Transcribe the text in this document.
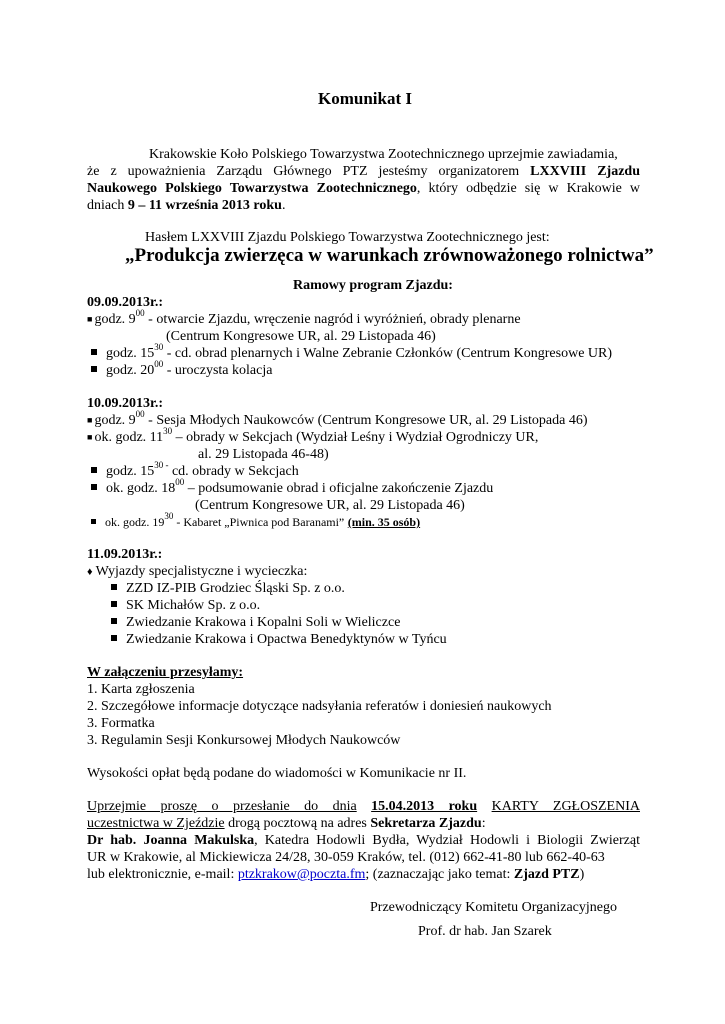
Komunikat I
Krakowskie Koło Polskiego Towarzystwa Zootechnicznego uprzejmie zawiadamia,
że z upoważnienia Zarządu Głównego PTZ jesteśmy organizatorem LXXVIII Zjazdu
Naukowego Polskiego Towarzystwa Zootechnicznego, który odbędzie się w Krakowie w
dniach 9 – 11 września 2013 roku.
Hasłem LXXVIII Zjazdu Polskiego Towarzystwa Zootechnicznego jest:
„Produkcja zwierzęca w warunkach zrównoważonego rolnictwa”
Ramowy program Zjazdu:
09.09.2013r.:
■ godz. $9^{00}$ - otwarcie Zjazdu, wręczenie nagród i wyróżnień, obrady plenarne
(Centrum Kongresowe UR, al. 29 Listopada 46)
godz. $15^{30}$ - cd. obrad plenarnych i Walne Zebranie Członków (Centrum Kongresowe UR)
godz. $20^{00}$ - uroczysta kolacja
10.09.2013r.:
■ godz. $9^{00}$ - Sesja Młodych Naukowców (Centrum Kongresowe UR, al. 29 Listopada 46)
■ ok. godz. $11^{30}$ – obrady w Sekcjach (Wydział Leśny i Wydział Ogrodniczy UR,
al. 29 Listopada 46-48)
godz. $15^{30 -}$ cd. obrady w Sekcjach
ok. godz. $18^{00}$ – podsumowanie obrad i oficjalne zakończenie Zjazdu
(Centrum Kongresowe UR, al. 29 Listopada 46)
ok. godz. $19^{30}$ - Kabaret „Piwnica pod Baranami” (min. 35 osób)
11.09.2013r.:
♦ Wyjazdy specjalistyczne i wycieczka:
ZZD IZ-PIB Grodziec Śląski Sp. z o.o.
SK Michałów Sp. z o.o.
Zwiedzanie Krakowa i Kopalni Soli w Wieliczce
Zwiedzanie Krakowa i Opactwa Benedyktynów w Tyńcu
W załączeniu przesyłamy:
1. Karta zgłoszenia
2. Szczegółowe informacje dotyczące nadsyłania referatów i doniesień naukowych
3. Formatka
3. Regulamin Sesji Konkursowej Młodych Naukowców
Wysokości opłat będą podane do wiadomości w Komunikacie nr II.
Uprzejmie proszę o przesłanie do dnia 15.04.2013 roku KARTY ZGŁOSZENIA
uczestnictwa w Zjeździe drogą pocztową na adres Sekretarza Zjazdu:
Dr hab. Joanna Makulska, Katedra Hodowli Bydła, Wydział Hodowli i Biologii Zwierząt
UR w Krakowie, al Mickiewicza 24/28, 30-059 Kraków, tel. (012) 662-41-80 lub 662-40-63
lub elektronicznie, e-mail: ptzkrakow@poczta.fm; (zaznaczając jako temat: Zjazd PTZ)
Przewodniczący Komitetu Organizacyjnego
Prof. dr hab. Jan Szarek
